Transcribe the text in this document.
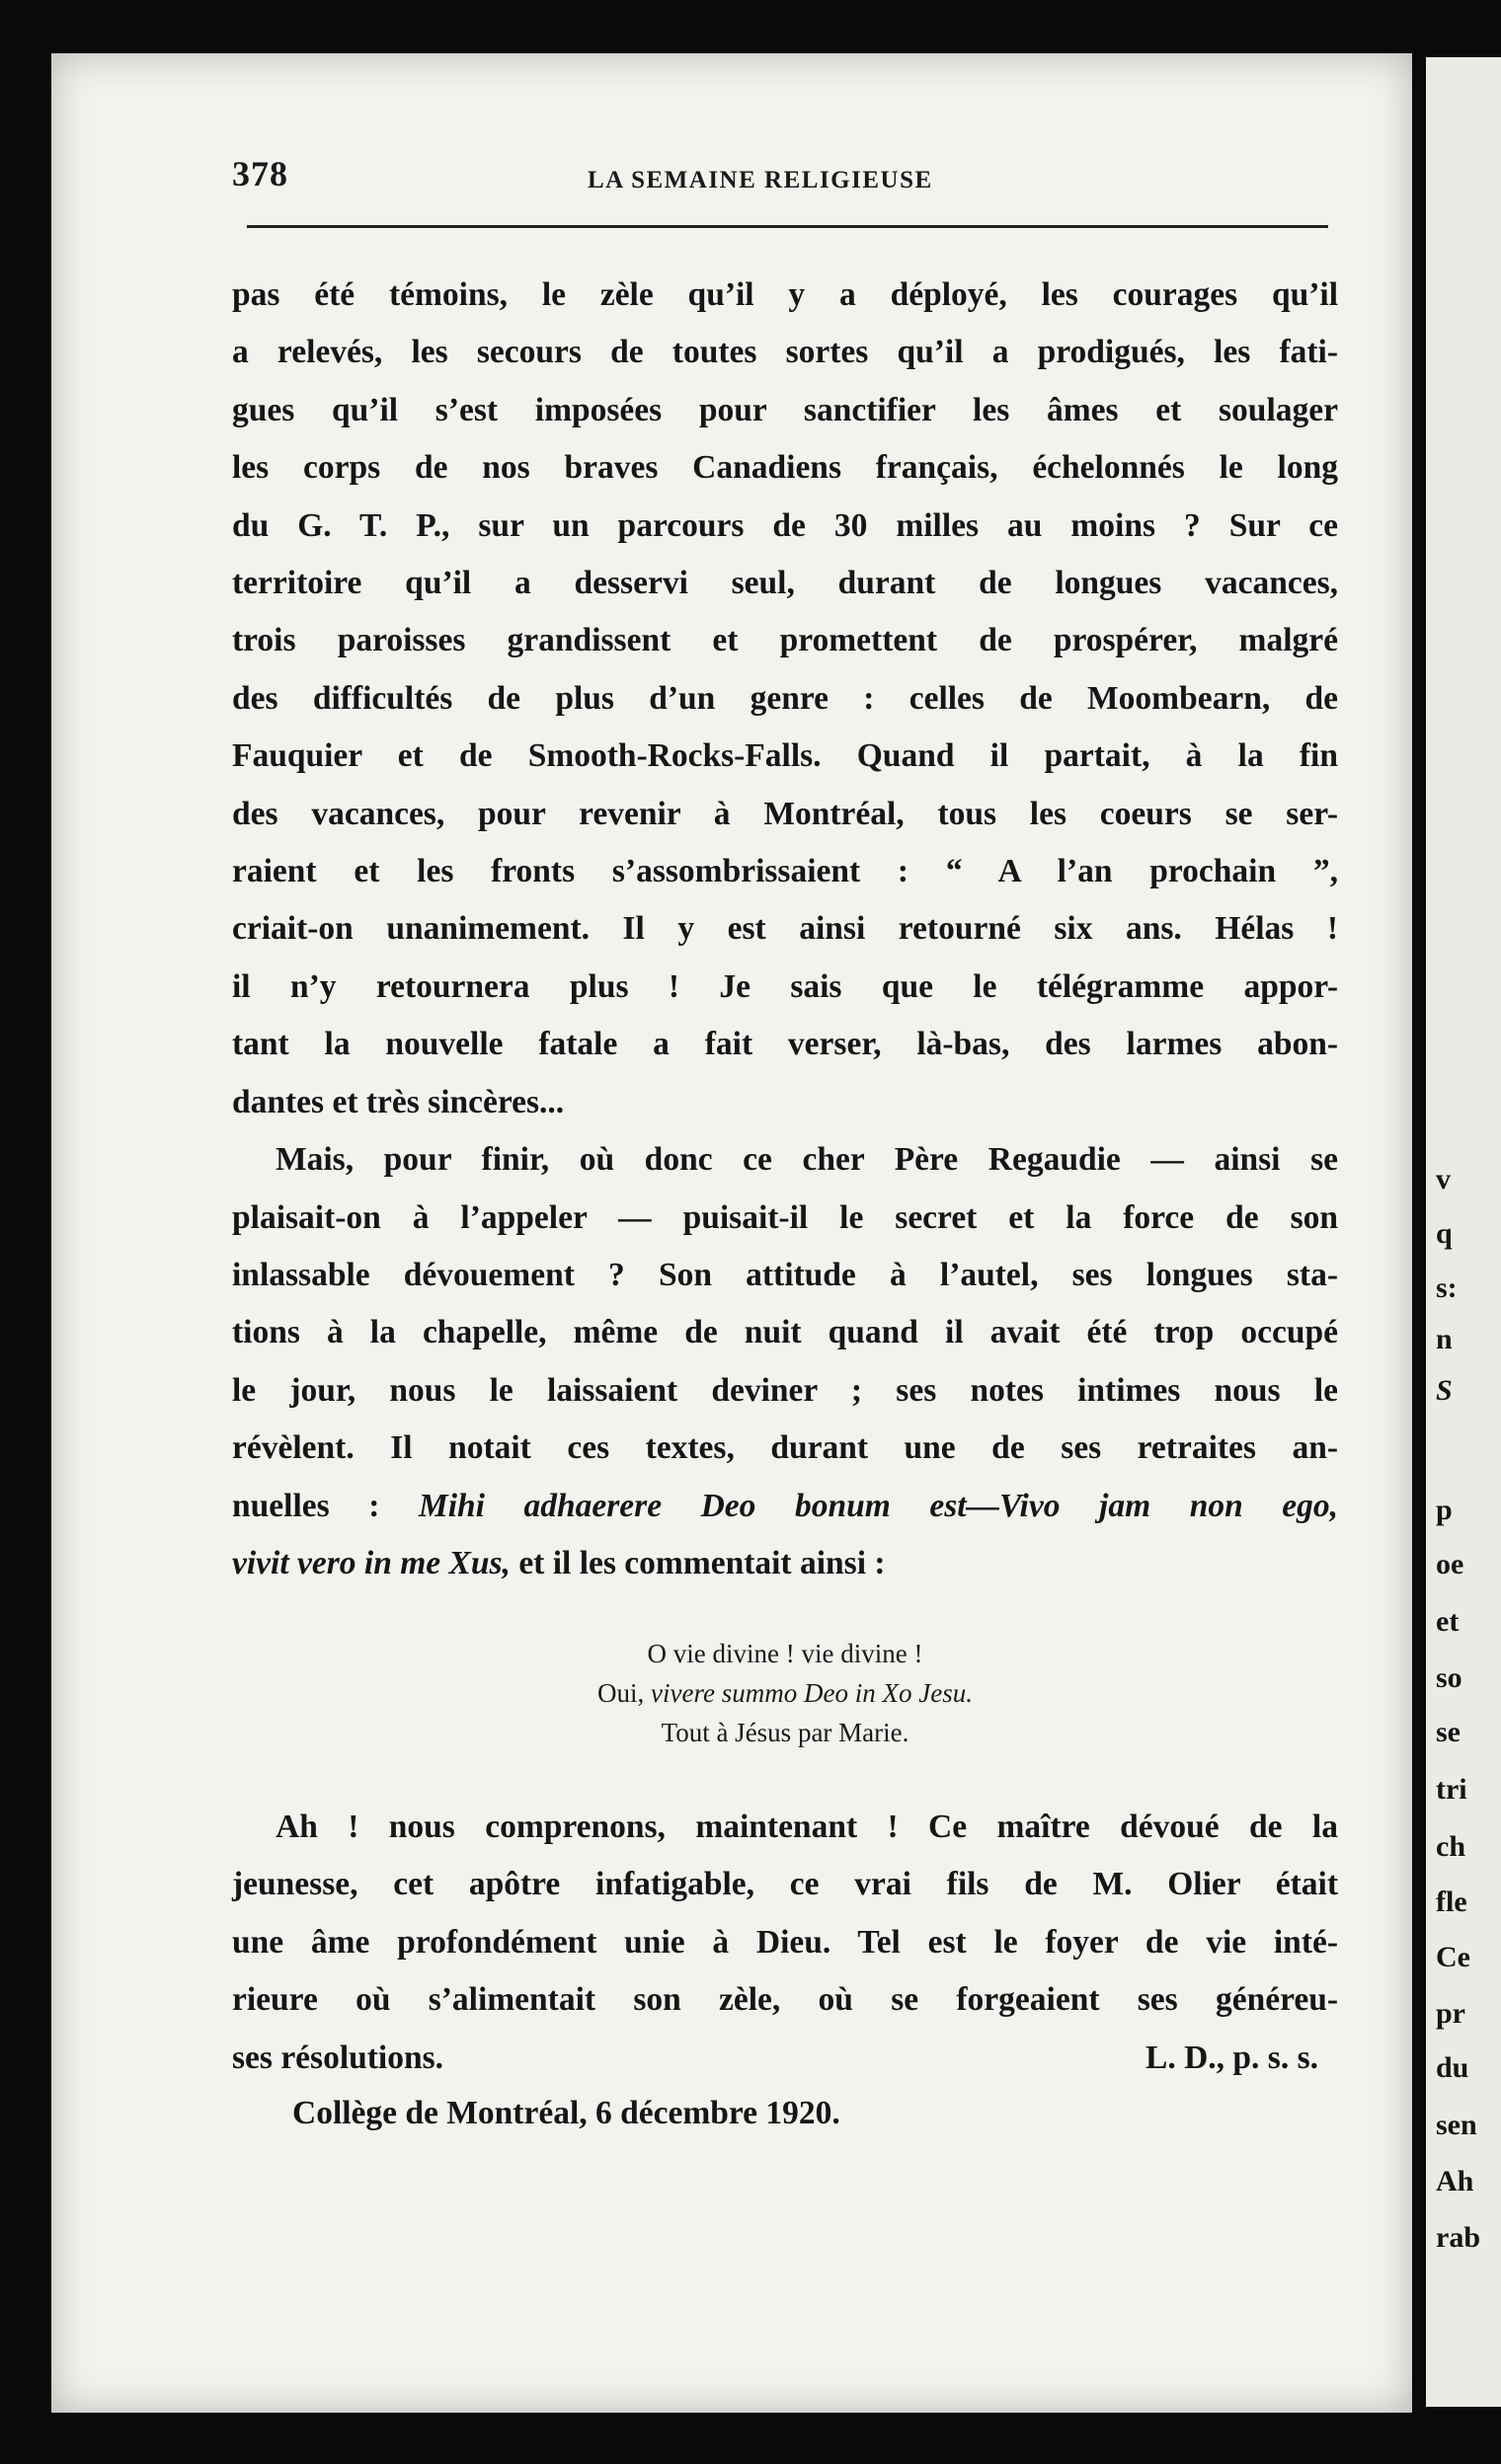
v
q
s:
n
S
p
oe
et
so
se
tri
ch
fle
Ce
pr
du
sen
Ah
rab
378	LA SEMAINE RELIGIEUSE

pas été témoins, le zèle qu’il y a déployé, les courages qu’il
a relevés, les secours de toutes sortes qu’il a prodigués, les fati-
gues qu’il s’est imposées pour sanctifier les âmes et soulager
les corps de nos braves Canadiens français, échelonnés le long
du G. T. P., sur un parcours de 30 milles au moins ? Sur ce
territoire qu’il a desservi seul, durant de longues vacances,
trois paroisses grandissent et promettent de prospérer, malgré
des difficultés de plus d’un genre : celles de Moombearn, de
Fauquier et de Smooth-Rocks-Falls. Quand il partait, à la fin
des vacances, pour revenir à Montréal, tous les coeurs se ser-
raient et les fronts s’assombrissaient : “ A l’an prochain ”,
criait-on unanimement. Il y est ainsi retourné six ans. Hélas !
il n’y retournera plus ! Je sais que le télégramme appor-
tant la nouvelle fatale a fait verser, là-bas, des larmes abon-
dantes et très sincères...

Mais, pour finir, où donc ce cher Père Regaudie — ainsi se
plaisait-on à l’appeler — puisait-il le secret et la force de son
inlassable dévouement ? Son attitude à l’autel, ses longues sta-
tions à la chapelle, même de nuit quand il avait été trop occupé
le jour, nous le laissaient deviner ; ses notes intimes nous le
révèlent. Il notait ces textes, durant une de ses retraites an-
nuelles : Mihi adhaerere Deo bonum est—Vivo jam non ego,
vivit vero in me Xus, et il les commentait ainsi :

O vie divine ! vie divine !
Oui, vivere summo Deo in Xo Jesu.
Tout à Jésus par Marie.

Ah ! nous comprenons, maintenant ! Ce maître dévoué de la
jeunesse, cet apôtre infatigable, ce vrai fils de M. Olier était
une âme profondément unie à Dieu. Tel est le foyer de vie inté-
rieure où s’alimentait son zèle, où se forgeaient ses généreu-
ses résolutions.	L. D., p. s. s.

Collège de Montréal, 6 décembre 1920.
